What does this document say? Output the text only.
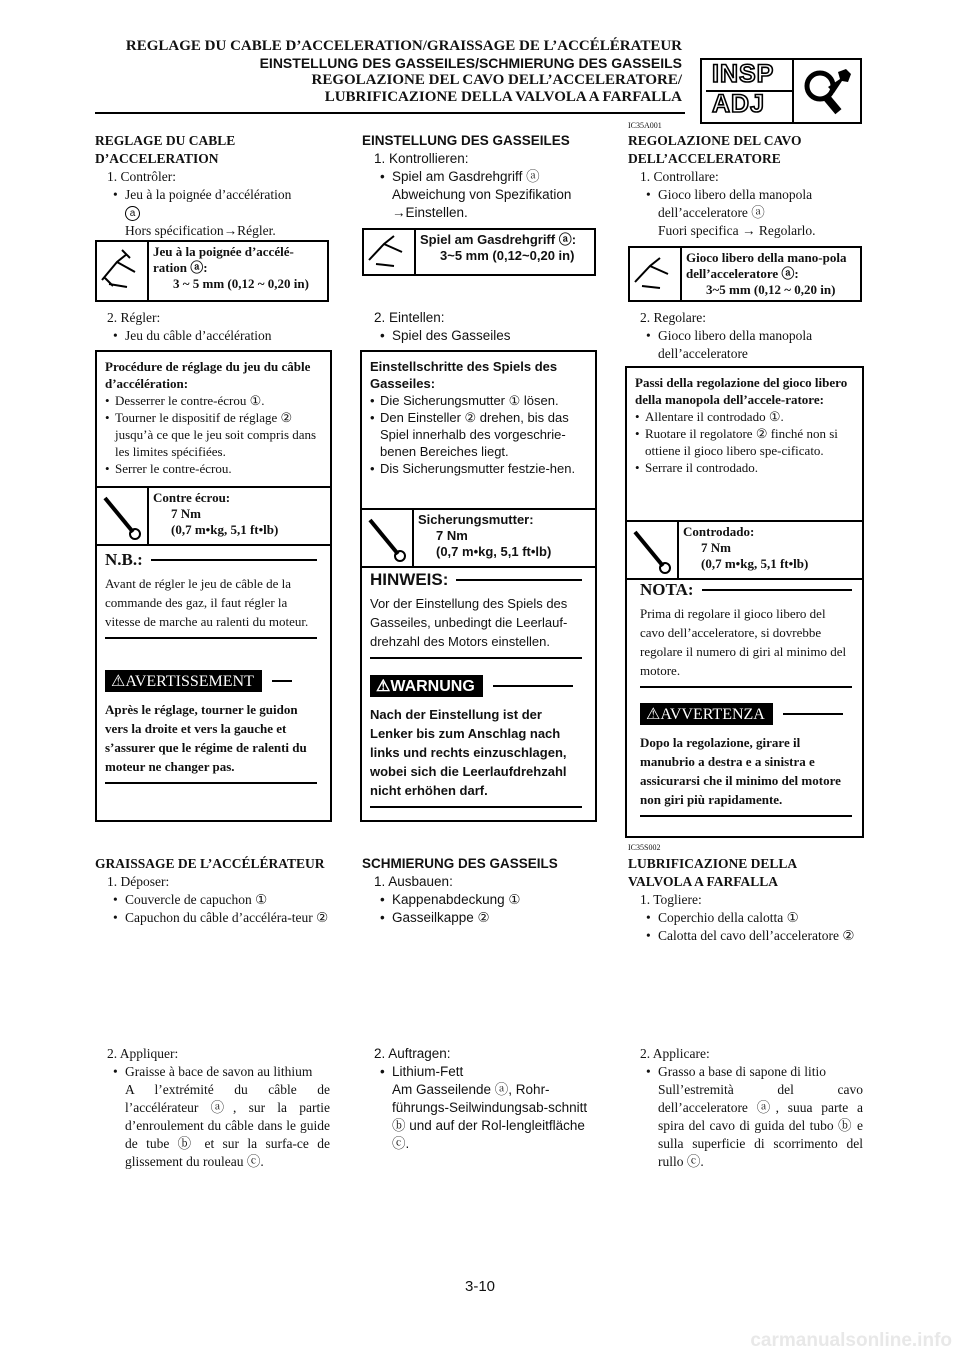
REGLAGE DU CABLE D’ACCELERATION/GRAISSAGE DE L’ACCÉLÉRATEUR
EINSTELLUNG DES GASSEILES/SCHMIERUNG DES GASSEILS
REGOLAZIONE DEL CAVO DELL’ACCELERATORE/
LUBRIFICAZIONE DELLA VALVOLA A FARFALLA
INSP
ADJ

REGLAGE DU CABLE D’ACCELERATION

1. Contrôler:

• Jeu à la poignée d’accélération

a

Hors spécification→Régler.

Jeu à la poignée d’accélé-ration ⓐ:

3 ~ 5 mm (0,12 ~ 0,20 in)

2. Régler:

• Jeu du câble d’accélération

Procédure de réglage du jeu du câble d’accélération:

• Desserrer le contre-écrou ①.

• Tourner le dispositif de réglage ② jusqu’à ce que le jeu soit compris dans les limites spécifiées.

• Serrer le contre-écrou.

Contre écrou:

7 Nm

(0,7 m•kg, 5,1 ft•lb)

N.B.:
Avant de régler le jeu de câble de la commande des gaz, il faut régler la vitesse de marche au ralenti du moteur.
⚠AVERTISSEMENT
Après le réglage, tourner le guidon vers la droite et vers la gauche et s’assurer que le régime de ralenti du moteur ne changer pas.

GRAISSAGE DE L’ACCÉLÉRATEUR

1. Déposer:

• Couvercle de capuchon ①

• Capuchon du câble d’accéléra-teur ②

2. Appliquer:

• Graisse à bace de savon au lithium

A l’extrémité du câble de l’accélérateur ⓐ, sur la partie d’enroulement du câble dans le guide de tube ⓑ et sur la surfa-ce de glissement du rouleau ⓒ.

EINSTELLUNG DES GASSEILES

1. Kontrollieren:

• Spiel am Gasdrehgriff ⓐ

Abweichung von Spezifikation →Einstellen.

Spiel am Gasdrehgriff ⓐ:

3~5 mm (0,12~0,20 in)

2. Eintellen:

• Spiel des Gasseiles

Einstellschritte des Spiels des Gasseiles:

• Die Sicherungsmutter ① lösen.

• Den Einsteller ② drehen, bis das Spiel innerhalb des vorgeschrie-benen Bereiches liegt.

• Dis Sicherungsmutter festzie-hen.

Sicherungsmutter:

7 Nm

(0,7 m•kg, 5,1 ft•lb)

HINWEIS:
Vor der Einstellung des Spiels des Gasseiles, unbedingt die Leerlauf-drehzahl des Motors einstellen.
⚠WARNUNG
Nach der Einstellung ist der Lenker bis zum Anschlag nach links und rechts einzuschlagen, wobei sich die Leerlaufdrehzahl nicht erhöhen darf.

SCHMIERUNG DES GASSEILS

1. Ausbauen:

• Kappenabdeckung ①

• Gasseilkappe ②

2. Auftragen:

• Lithium-Fett

Am Gasseilende ⓐ, Rohr-führungs-Seilwindungsab-schnitt ⓑ und auf der Rol-lengleitfläche ⓒ.

IC35A001

REGOLAZIONE DEL CAVO DELL’ACCELERATORE

1. Controllare:

• Gioco libero della manopola dell’acceleratore ⓐ

Fuori specifica → Regolarlo.

Gioco libero della mano-pola dell’acceleratore ⓐ:

3~5 mm (0,12 ~ 0,20 in)

2. Regolare:

• Gioco libero della manopola dell’acceleratore

Passi della regolazione del gioco libero della manopola dell’accele-ratore:

• Allentare il controdado ①.

• Ruotare il regolatore ② finché non si ottiene il gioco libero spe-cificato.

• Serrare il controdado.

Controdado:

7 Nm

(0,7 m•kg, 5,1 ft•lb)

NOTA:
Prima di regolare il gioco libero del cavo dell’acceleratore, si dovrebbe regolare il numero di giri al minimo del motore.
⚠AVVERTENZA
Dopo la regolazione, girare il manubrio a destra e a sinistra e assicurarsi che il minimo del motore non giri più rapidamente.
IC35S002

LUBRIFICAZIONE DELLA VALVOLA A FARFALLA

1. Togliere:

• Coperchio della calotta ①

• Calotta del cavo dell’acceleratore ②

2. Applicare:

• Grasso a base di sapone di litio

Sull’estremità del cavo dell’acceleratore ⓐ, suua parte a spira del cavo di guida del tubo ⓑ e sulla superficie di scorrimento del rullo ⓒ.

3-10
carmanualsonline.info
